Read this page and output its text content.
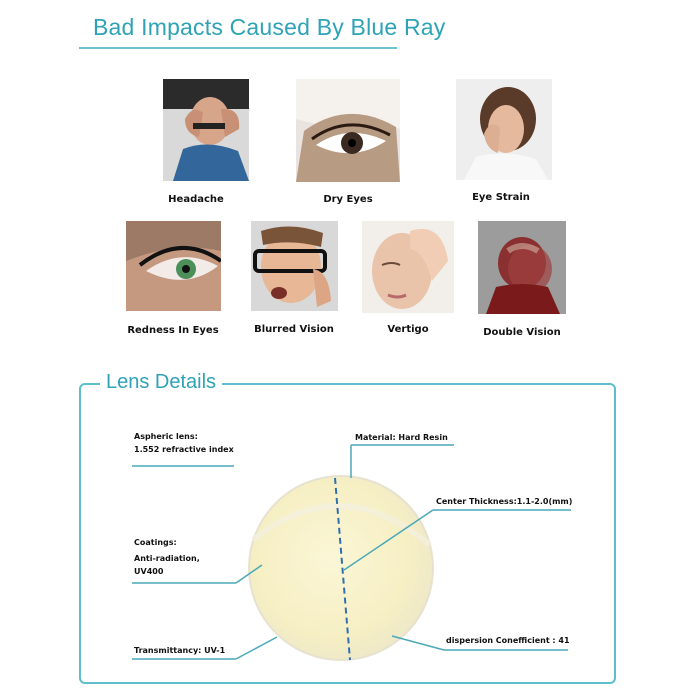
Bad Impacts Caused By Blue Ray
Headache	Dry Eyes	Eye Strain
Redness In Eyes	Blurred Vision	Vertigo	Double Vision
Lens Details
Aspheric lens:
1.552 refractive index
Material: Hard Resin
Center Thickness:1.1-2.0(mm)
Coatings:
Anti-radiation,
UV400
dispersion Conefficient : 41
Transmittancy: UV-1
